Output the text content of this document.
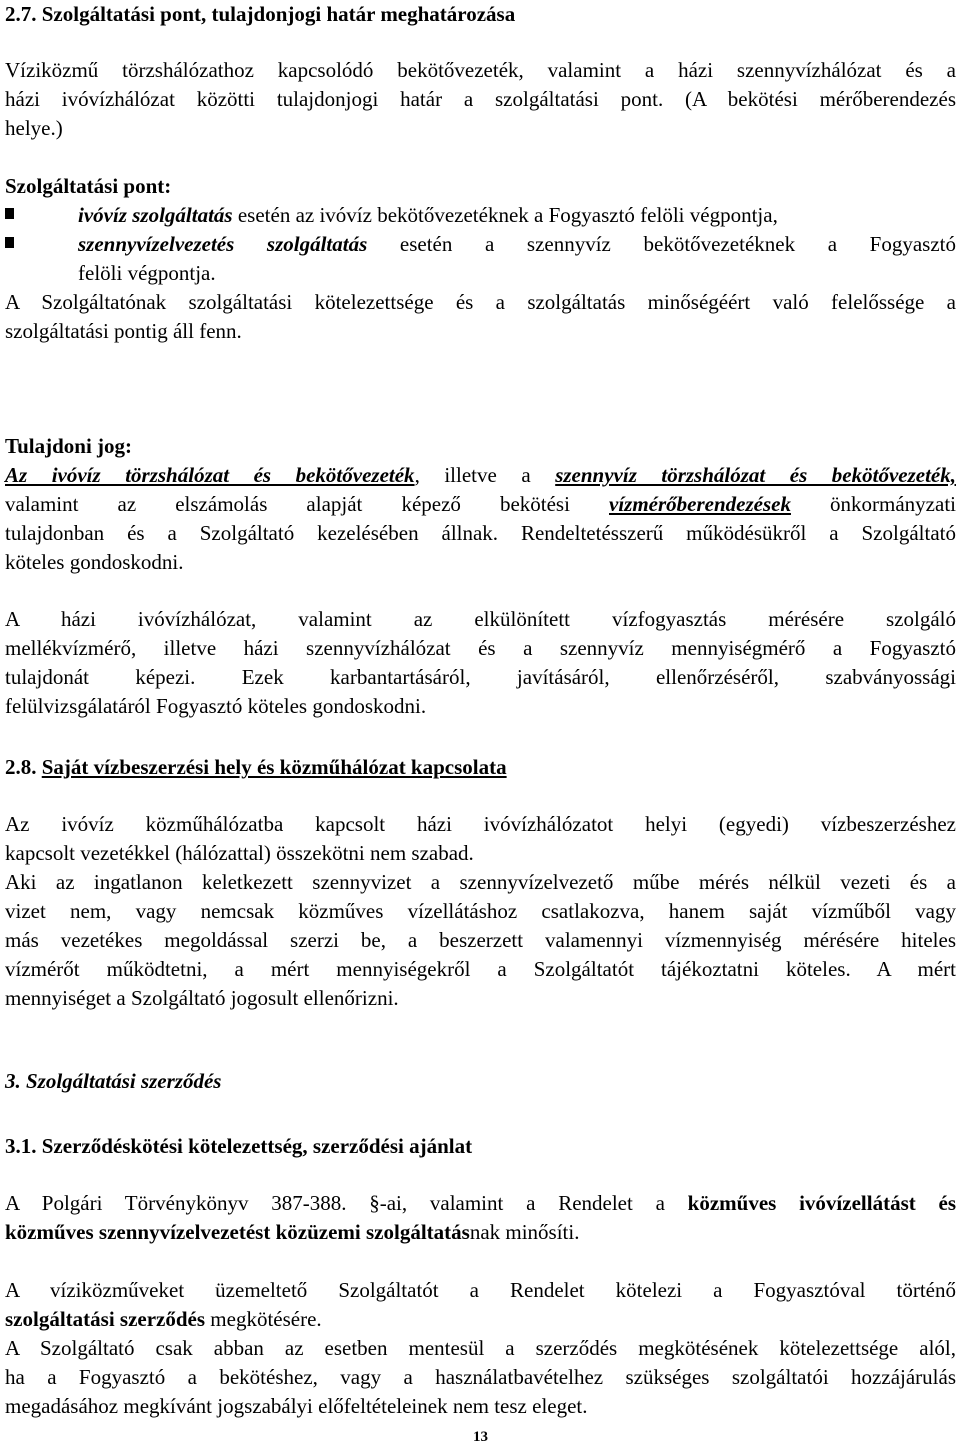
2.7. Szolgáltatási pont, tulajdonjogi határ meghatározása
Víziközmű törzshálózathoz kapcsolódó bekötővezeték, valamint a házi szennyvízhálózat és a
házi ivóvízhálózat közötti tulajdonjogi határ a szolgáltatási pont. (A bekötési mérőberendezés
helye.)
Szolgáltatási pont:
ivóvíz szolgáltatás esetén az ivóvíz bekötővezetéknek a Fogyasztó felöli végpontja,
szennyvízelvezetés szolgáltatás esetén a szennyvíz bekötővezetéknek a Fogyasztó
felöli végpontja.
A Szolgáltatónak szolgáltatási kötelezettsége és a szolgáltatás minőségéért való felelőssége a
szolgáltatási pontig áll fenn.
Tulajdoni jog:
Az ivóvíz törzshálózat és bekötővezeték, illetve a szennyvíz törzshálózat és bekötővezeték,
valamint az elszámolás alapját képező bekötési vízmérőberendezések önkormányzati
tulajdonban és a Szolgáltató kezelésében állnak. Rendeltetésszerű működésükről a Szolgáltató
köteles gondoskodni.
A házi ivóvízhálózat, valamint az elkülönített vízfogyasztás mérésére szolgáló
mellékvízmérő, illetve házi szennyvízhálózat és a szennyvíz mennyiségmérő a Fogyasztó
tulajdonát képezi. Ezek karbantartásáról, javításáról, ellenőrzéséről, szabványossági
felülvizsgálatáról Fogyasztó köteles gondoskodni.
2.8. Saját vízbeszerzési hely és közműhálózat kapcsolata
Az ivóvíz közműhálózatba kapcsolt házi ivóvízhálózatot helyi (egyedi) vízbeszerzéshez
kapcsolt vezetékkel (hálózattal) összekötni nem szabad.
Aki az ingatlanon keletkezett szennyvizet a szennyvízelvezető műbe mérés nélkül vezeti és a
vizet nem, vagy nemcsak közműves vízellátáshoz csatlakozva, hanem saját vízműből vagy
más vezetékes megoldással szerzi be, a beszerzett valamennyi vízmennyiség mérésére hiteles
vízmérőt működtetni, a mért mennyiségekről a Szolgáltatót tájékoztatni köteles. A mért
mennyiséget a Szolgáltató jogosult ellenőrizni.
3. Szolgáltatási szerződés
3.1. Szerződéskötési kötelezettség, szerződési ajánlat
A Polgári Törvénykönyv 387-388. §-ai, valamint a Rendelet a közműves ivóvízellátást és
közműves szennyvízelvezetést közüzemi szolgáltatásnak minősíti.
A víziközműveket üzemeltető Szolgáltatót a Rendelet kötelezi a Fogyasztóval történő
szolgáltatási szerződés megkötésére.
A Szolgáltató csak abban az esetben mentesül a szerződés megkötésének kötelezettsége alól,
ha a Fogyasztó a bekötéshez, vagy a használatbavételhez szükséges szolgáltatói hozzájárulás
megadásához megkívánt jogszabályi előfeltételeinek nem tesz eleget.
13
